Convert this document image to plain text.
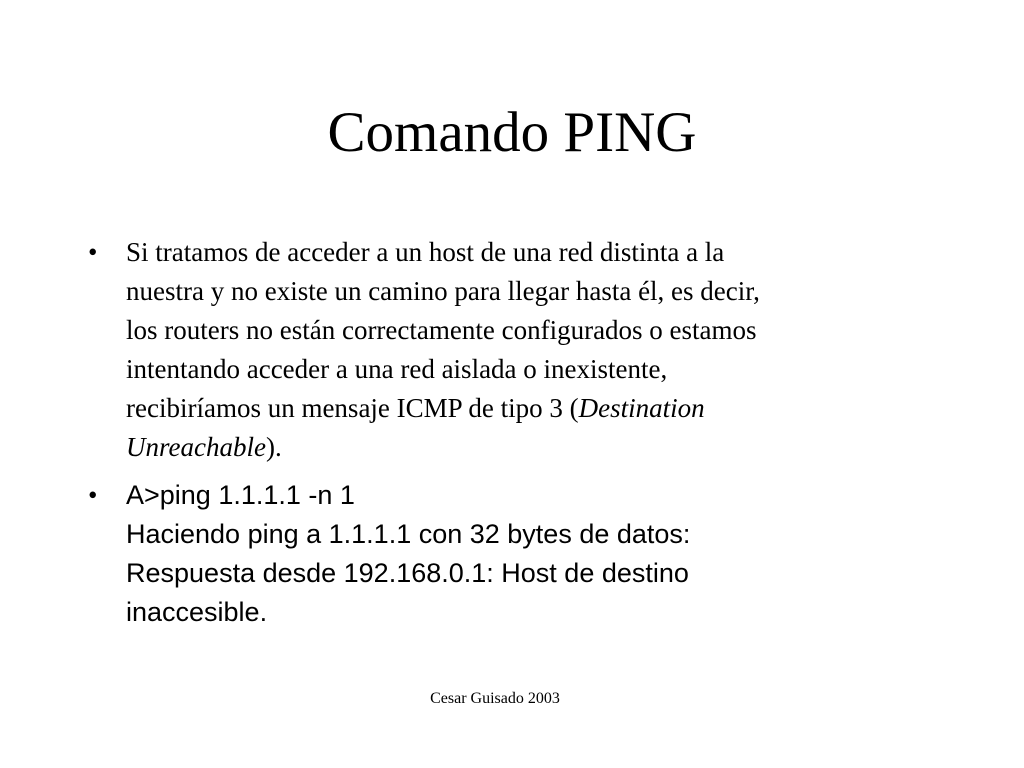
Comando PING
• Si tratamos de acceder a un host de una red distinta a la
nuestra y no existe un camino para llegar hasta él, es decir,
los routers no están correctamente configurados o estamos
intentando acceder a una red aislada o inexistente,
recibiríamos un mensaje ICMP de tipo 3 (Destination
Unreachable).
• A>ping 1.1.1.1 -n 1
Haciendo ping a 1.1.1.1 con 32 bytes de datos:
Respuesta desde 192.168.0.1: Host de destino
inaccesible.
Cesar Guisado 2003
